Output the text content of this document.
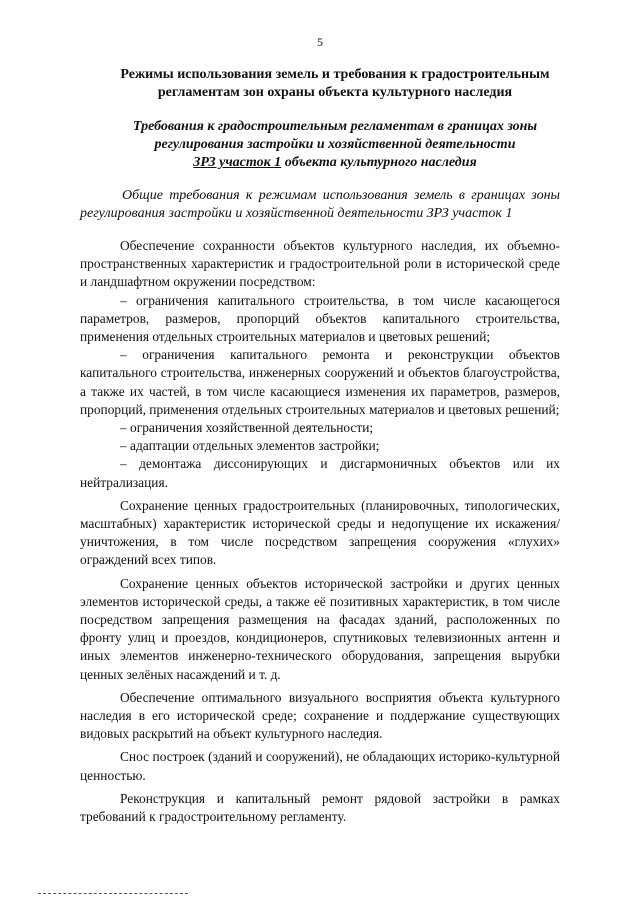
5
Режимы использования земель и требования к градостроительным регламентам зон охраны объекта культурного наследия
Требования к градостроительным регламентам в границах зоны регулирования застройки и хозяйственной деятельности
ЗРЗ участок 1 объекта культурного наследия
Общие требования к режимам использования земель в границах зоны регулирования застройки и хозяйственной деятельности ЗРЗ участок 1

Обеспечение сохранности объектов культурного наследия, их объемно-пространственных характеристик и градостроительной роли в исторической среде и ландшафтном окружении посредством:

– ограничения капитального строительства, в том числе касающегося параметров, размеров, пропорций объектов капитального строительства, применения отдельных строительных материалов и цветовых решений;

– ограничения капитального ремонта и реконструкции объектов капитального строительства, инженерных сооружений и объектов благоустройства, а также их частей, в том числе касающиеся изменения их параметров, размеров, пропорций, применения отдельных строительных материалов и цветовых решений;

– ограничения хозяйственной деятельности;

– адаптации отдельных элементов застройки;

– демонтажа диссонирующих и дисгармоничных объектов или их нейтрализация.

Сохранение ценных градостроительных (планировочных, типологических, масштабных) характеристик исторической среды и недопущение их искажения/ уничтожения, в том числе посредством запрещения сооружения «глухих» ограждений всех типов.

Сохранение ценных объектов исторической застройки и других ценных элементов исторической среды, а также её позитивных характеристик, в том числе посредством запрещения размещения на фасадах зданий, расположенных по фронту улиц и проездов, кондиционеров, спутниковых телевизионных антенн и иных элементов инженерно-технического оборудования, запрещения вырубки ценных зелёных насаждений и т. д.

Обеспечение оптимального визуального восприятия объекта культурного наследия в его исторической среде; сохранение и поддержание существующих видовых раскрытий на объект культурного наследия.

Снос построек (зданий и сооружений), не обладающих историко-культурной ценностью.

Реконструкция и капитальный ремонт рядовой застройки в рамках требований к градостроительному регламенту.
